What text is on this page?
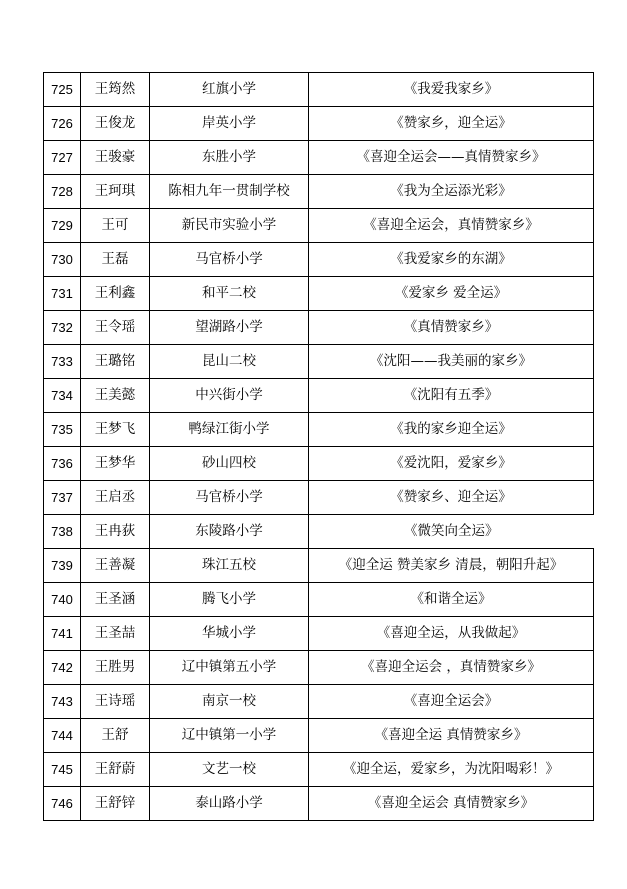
725	王筠然	红旗小学	《我爱我家乡》
726	王俊龙	岸英小学	《赞家乡，迎全运》
727	王骏豪	东胜小学	《喜迎全运会——真情赞家乡》
728	王珂琪	陈相九年一贯制学校	《我为全运添光彩》
729	王可	新民市实验小学	《喜迎全运会，真情赞家乡》
730	王磊	马官桥小学	《我爱家乡的东湖》
731	王利鑫	和平二校	《爱家乡 爱全运》
732	王令瑶	望湖路小学	《真情赞家乡》
733	王璐铭	昆山二校	《沈阳——我美丽的家乡》
734	王美懿	中兴街小学	《沈阳有五季》
735	王梦飞	鸭绿江街小学	《我的家乡迎全运》
736	王梦华	砂山四校	《爱沈阳，爱家乡》
737	王启丞	马官桥小学	《赞家乡、迎全运》
738	王冉荻	东陵路小学	《微笑向全运》
739	王善凝	珠江五校	《迎全运 赞美家乡 清晨，朝阳升起》
740	王圣涵	腾飞小学	《和谐全运》
741	王圣喆	华城小学	《喜迎全运，从我做起》
742	王胜男	辽中镇第五小学	《喜迎全运会 ，真情赞家乡》
743	王诗瑶	南京一校	《喜迎全运会》
744	王舒	辽中镇第一小学	《喜迎全运 真情赞家乡》
745	王舒蔚	文艺一校	《迎全运，爱家乡，为沈阳喝彩！》
746	王舒锌	泰山路小学	《喜迎全运会 真情赞家乡》
